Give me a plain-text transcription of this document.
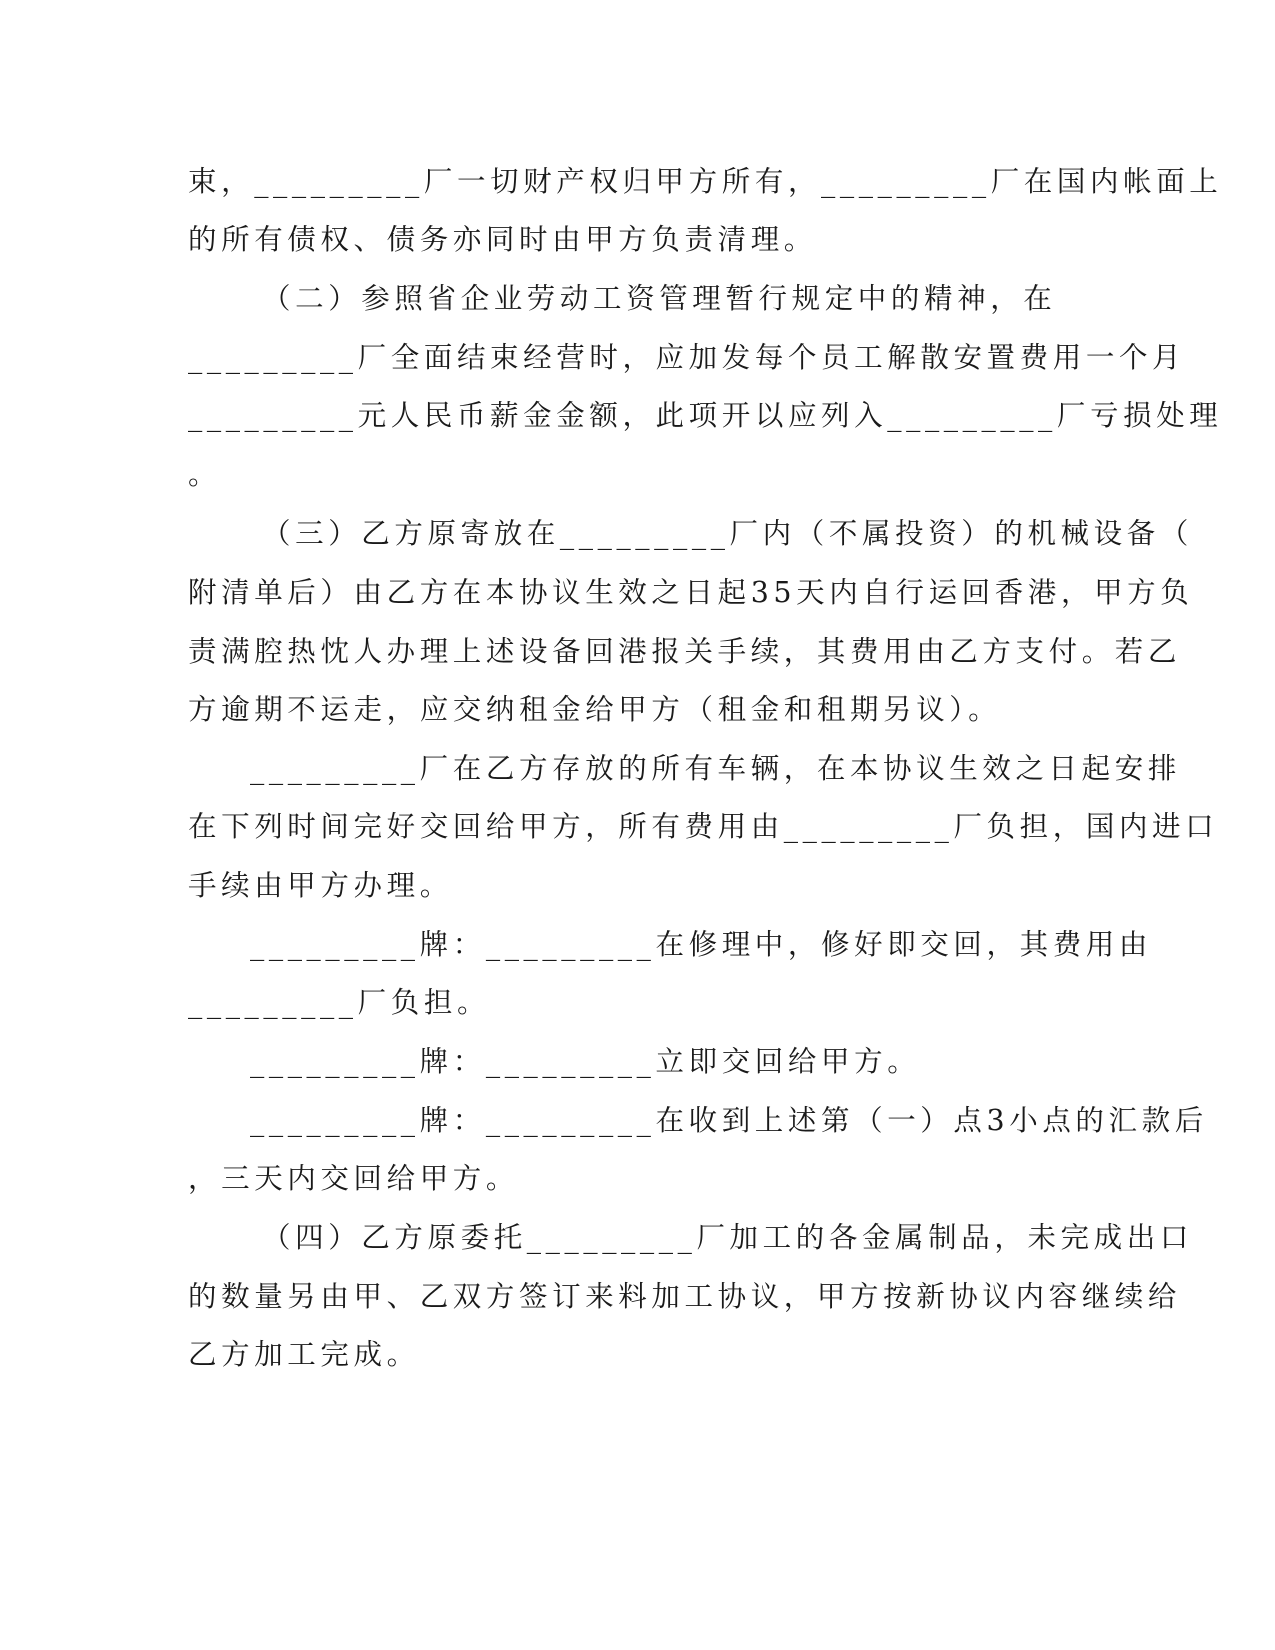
束，_________厂一切财产权归甲方所有，_________厂在国内帐面上
的所有债权、债务亦同时由甲方负责清理。
（二）参照省企业劳动工资管理暂行规定中的精神，在
_________厂全面结束经营时，应加发每个员工解散安置费用一个月
_________元人民币薪金金额，此项开以应列入_________厂亏损处理
。
（三）乙方原寄放在_________厂内（不属投资）的机械设备（
附清单后）由乙方在本协议生效之日起35天内自行运回香港，甲方负
责满腔热忱人办理上述设备回港报关手续，其费用由乙方支付。若乙
方逾期不运走，应交纳租金给甲方（租金和租期另议）。
_________厂在乙方存放的所有车辆，在本协议生效之日起安排
在下列时间完好交回给甲方，所有费用由_________厂负担，国内进口
手续由甲方办理。
_________牌：_________在修理中，修好即交回，其费用由
_________厂负担。
_________牌：_________立即交回给甲方。
_________牌：_________在收到上述第（一）点3小点的汇款后
，三天内交回给甲方。
（四）乙方原委托_________厂加工的各金属制品，未完成出口
的数量另由甲、乙双方签订来料加工协议，甲方按新协议内容继续给
乙方加工完成。
